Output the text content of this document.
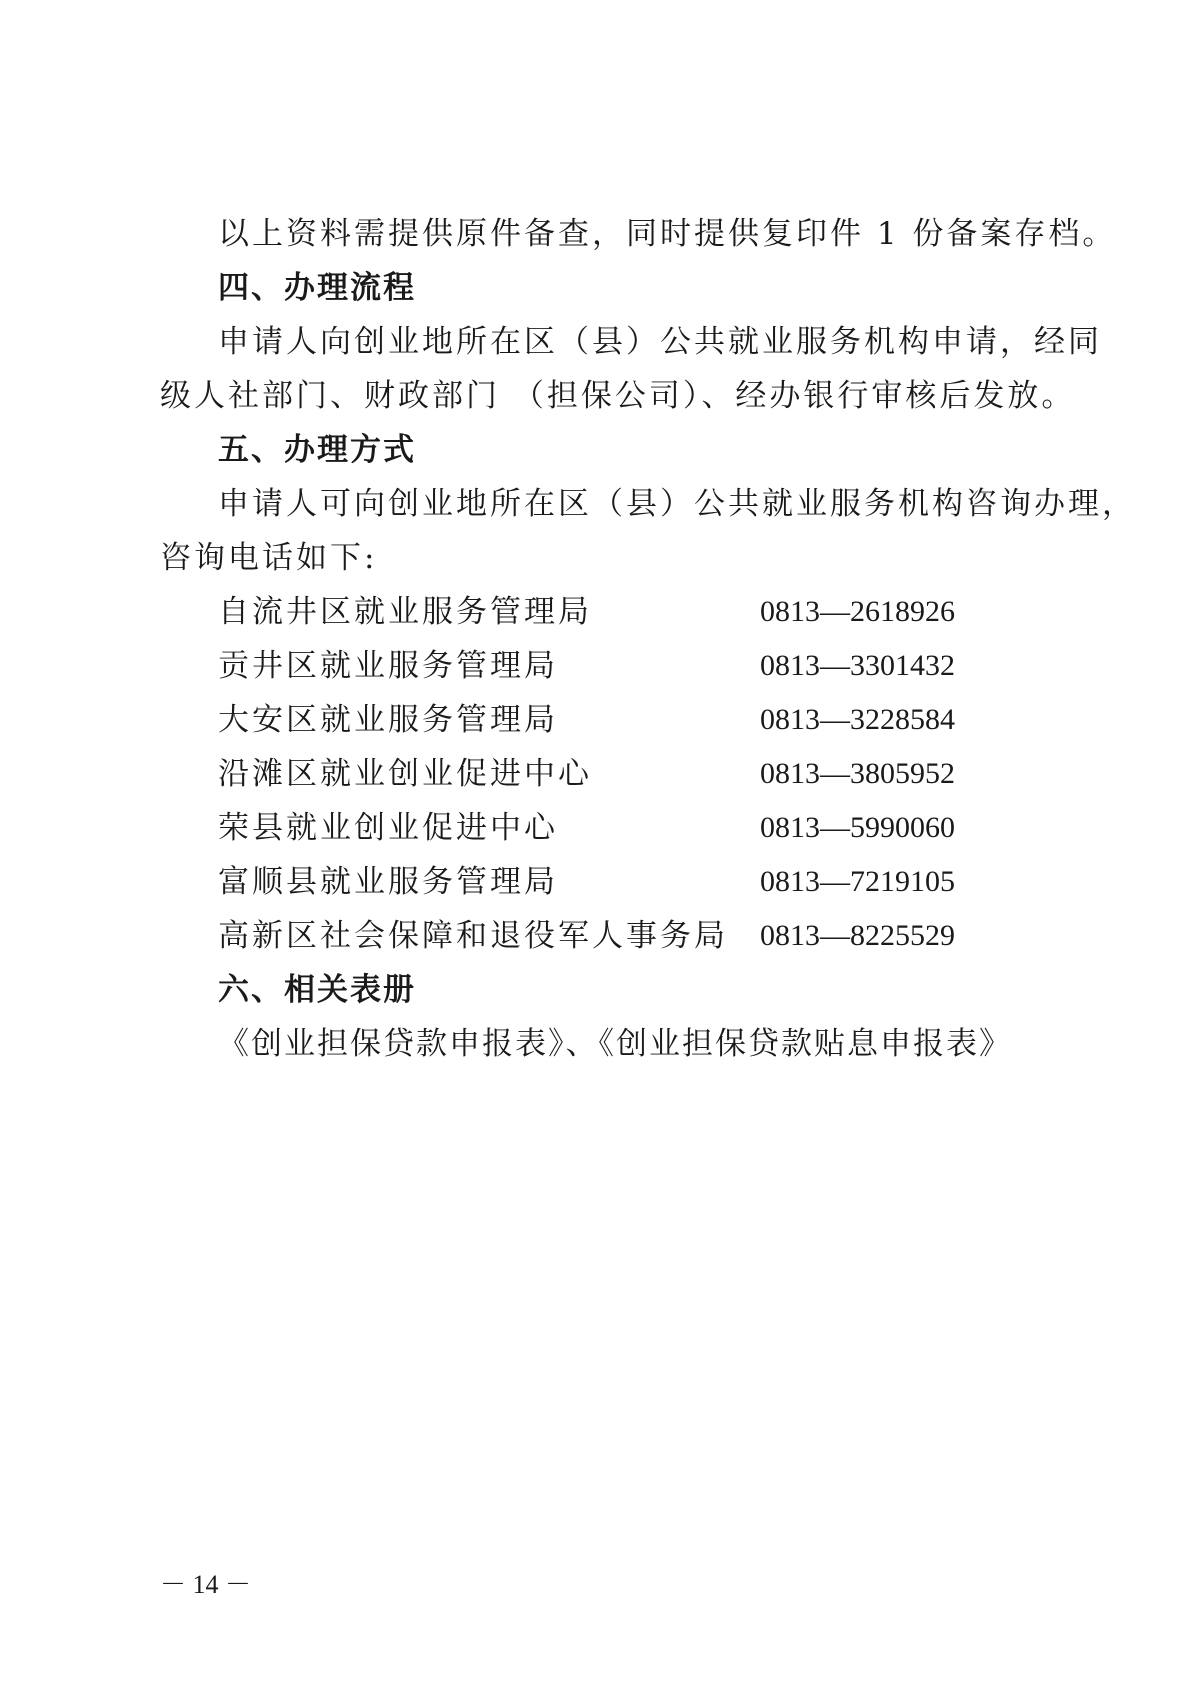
以上资料需提供原件备查，同时提供复印件 1 份备案存档。
四、办理流程
申请人向创业地所在区（县）公共就业服务机构申请，经同
级人社部门、财政部门 （担保公司）、经办银行审核后发放。
五、办理方式
申请人可向创业地所在区（县）公共就业服务机构咨询办理，
咨询电话如下:
自流井区就业服务管理局	0813—2618926
贡井区就业服务管理局	0813—3301432
大安区就业服务管理局	0813—3228584
沿滩区就业创业促进中心	0813—3805952
荣县就业创业促进中心	0813—5990060
富顺县就业服务管理局	0813—7219105
高新区社会保障和退役军人事务局 0813—8225529
六、相关表册
《创业担保贷款申报表》、《创业担保贷款贴息申报表》
－ 14 －
